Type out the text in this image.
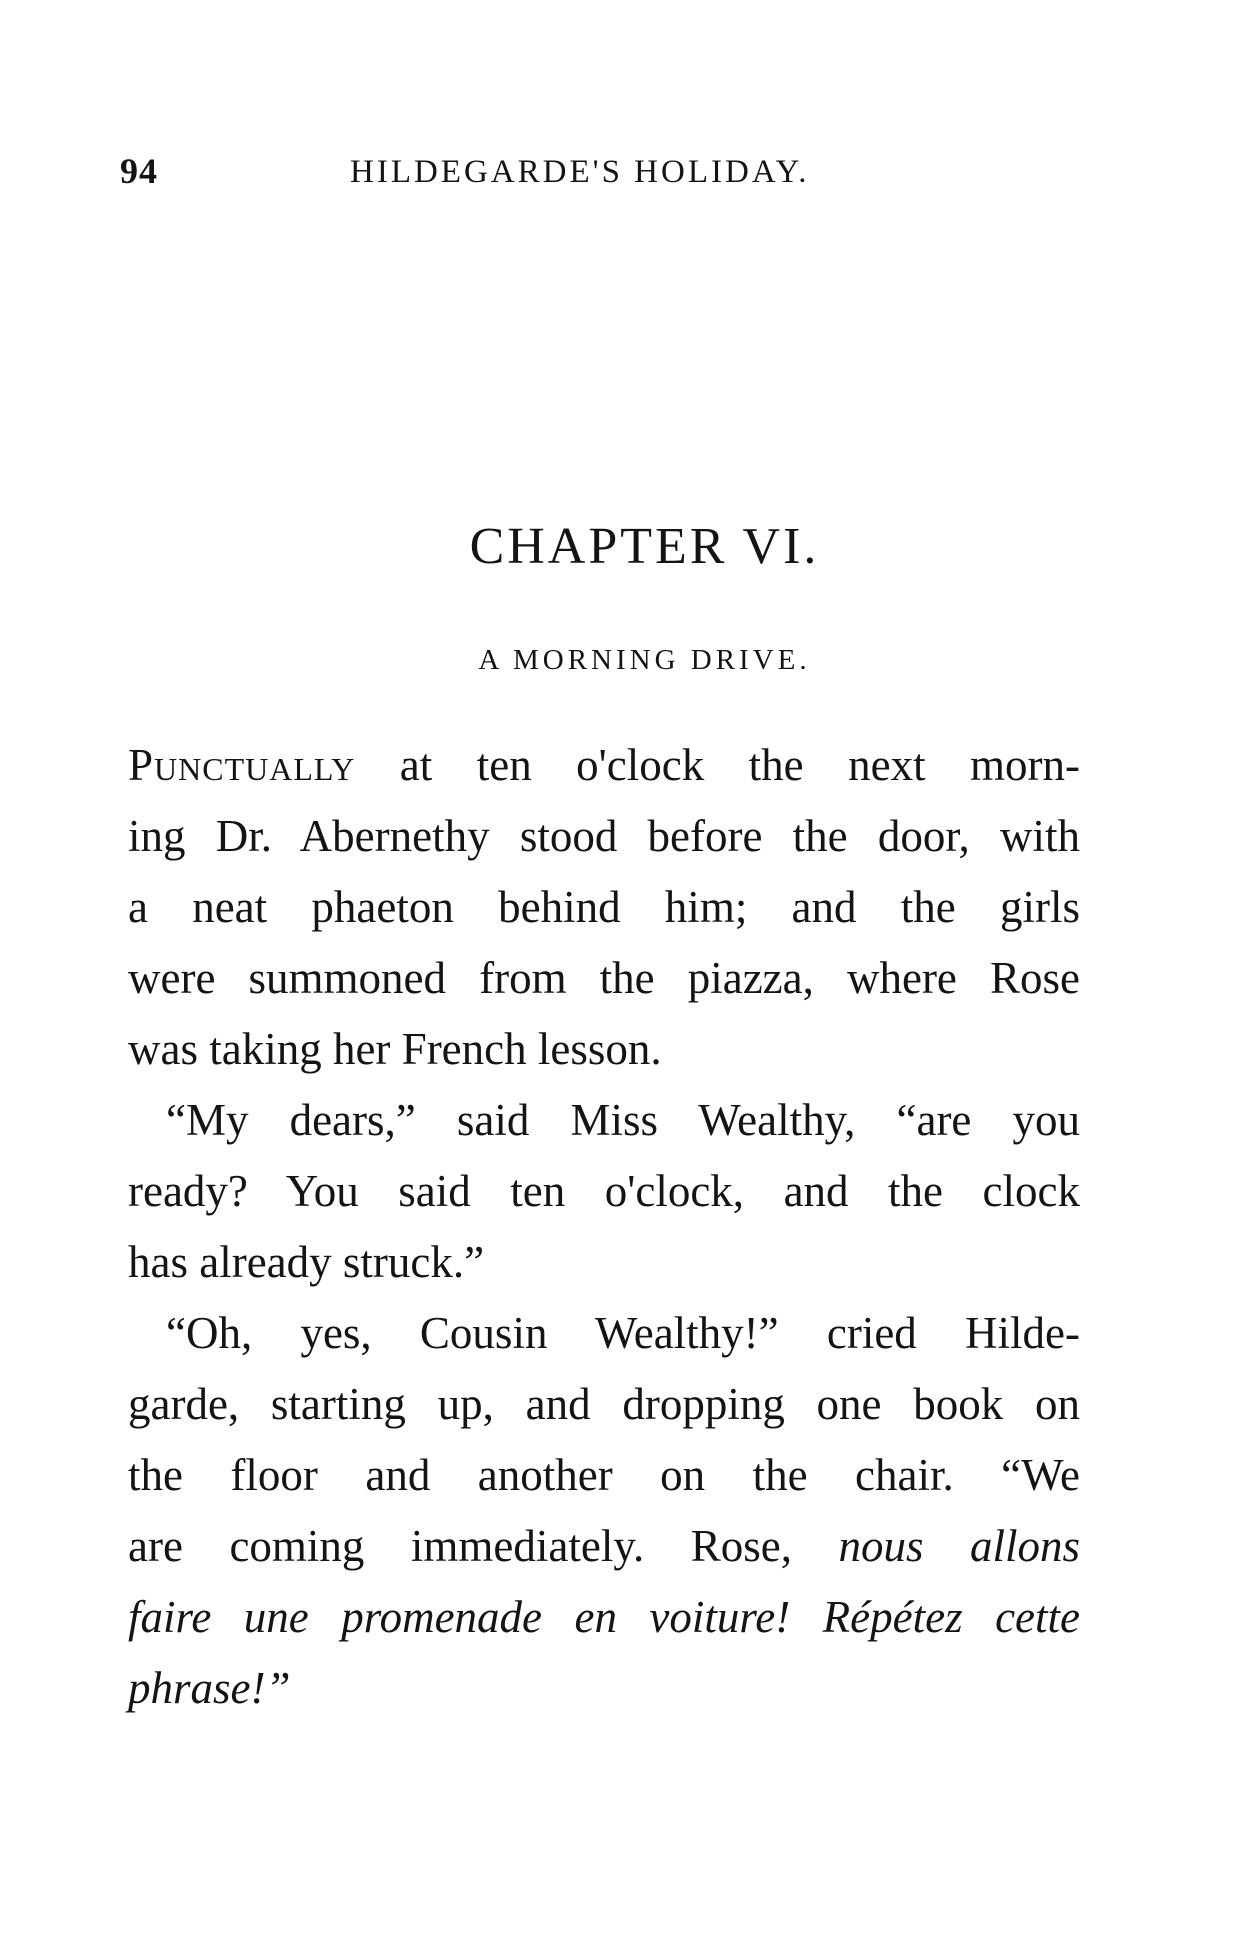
94	HILDEGARDE'S HOLIDAY.
CHAPTER VI.
A MORNING DRIVE.
Punctually at ten o'clock the next morn-
ing Dr. Abernethy stood before the door, with
a neat phaeton behind him; and the girls
were summoned from the piazza, where Rose
was taking her French lesson.
“My dears,” said Miss Wealthy, “are you
ready? You said ten o'clock, and the clock
has already struck.”
“Oh, yes, Cousin Wealthy!” cried Hilde-
garde, starting up, and dropping one book on
the floor and another on the chair. “We
are coming immediately. Rose, nous allons
faire une promenade en voiture! Répétez cette
phrase!”
